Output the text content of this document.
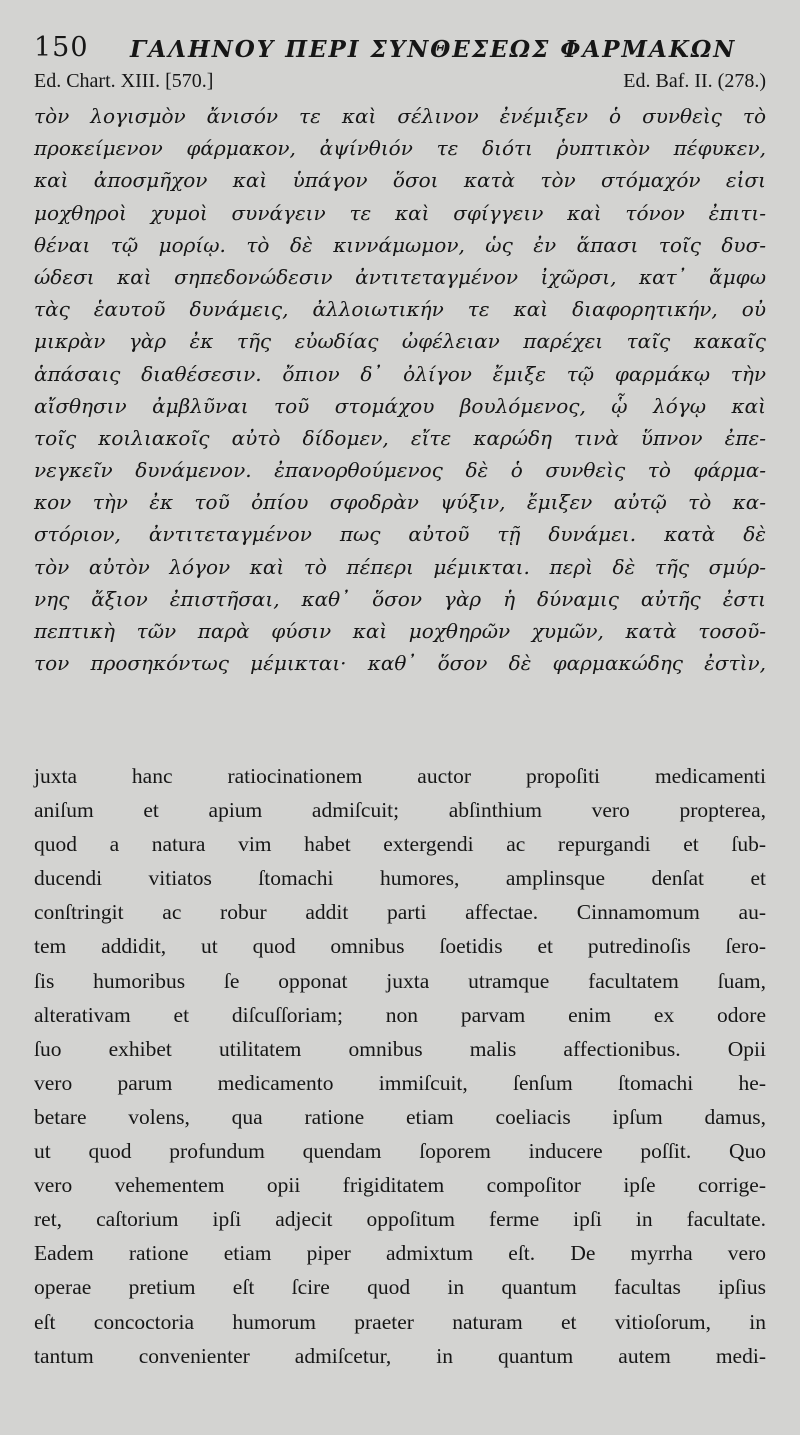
150 ΓΑΛΗΝΟΥ ΠΕΡΙ ΣΥΝΘΕΣΕΩΣ ΦΑΡΜΑΚΩΝ
Ed. Chart. XIII. [570.]	Ed. Baf. II. (278.)
τὸν λογισμὸν ἄνισόν τε καὶ σέλινον ἐνέμιξεν ὁ συνθεὶς τὸ
προκείμενον φάρμακον, ἀψίνθιόν τε διότι ῥυπτικὸν πέφυκεν,
καὶ ἀποσμῆχον καὶ ὑπάγον ὅσοι κατὰ τὸν στόμαχόν εἰσι
μοχθηροὶ χυμοὶ συνάγειν τε καὶ σφίγγειν καὶ τόνον ἐπιτι-
θέναι τῷ μορίῳ. τὸ δὲ κιννάμωμον, ὡς ἐν ἅπασι τοῖς δυσ-
ώδεσι καὶ σηπεδονώδεσιν ἀντιτεταγμένον ἰχῶρσι, κατ᾽ ἄμφω
τὰς ἑαυτοῦ δυνάμεις, ἀλλοιωτικήν τε καὶ διαφορητικήν, οὐ
μικρὰν γὰρ ἐκ τῆς εὐωδίας ὠφέλειαν παρέχει ταῖς κακαῖς
ἁπάσαις διαθέσεσιν. ὄπιον δ᾽ ὀλίγον ἔμιξε τῷ φαρμάκῳ τὴν
αἴσθησιν ἀμβλῦναι τοῦ στομάχου βουλόμενος, ᾧ λόγῳ καὶ
τοῖς κοιλιακοῖς αὐτὸ δίδομεν, εἴτε καρώδη τινὰ ὕπνον ἐπε-
νεγκεῖν δυνάμενον. ἐπανορθούμενος δὲ ὁ συνθεὶς τὸ φάρμα-
κον τὴν ἐκ τοῦ ὀπίου σφοδρὰν ψύξιν, ἔμιξεν αὐτῷ τὸ κα-
στόριον, ἀντιτεταγμένον πως αὐτοῦ τῇ δυνάμει. κατὰ δὲ
τὸν αὐτὸν λόγον καὶ τὸ πέπερι μέμικται. περὶ δὲ τῆς σμύρ-
νης ἄξιον ἐπιστῆσαι, καθ᾽ ὅσον γὰρ ἡ δύναμις αὐτῆς ἐστι
πεπτικὴ τῶν παρὰ φύσιν καὶ μοχθηρῶν χυμῶν, κατὰ τοσοῦ-
τον προσηκόντως μέμικται· καθ᾽ ὅσον δὲ φαρμακώδης ἐστὶν,
juxta hanc ratiocinationem auctor propoſiti medicamenti
aniſum et apium admiſcuit; abſinthium vero propterea,
quod a natura vim habet extergendi ac repurgandi et ſub-
ducendi vitiatos ſtomachi humores, amplinsque denſat et
conſtringit ac robur addit parti affectae. Cinnamomum au-
tem addidit, ut quod omnibus ſoetidis et putredinoſis ſero-
ſis humoribus ſe opponat juxta utramque facultatem ſuam,
alterativam et diſcuſſoriam; non parvam enim ex odore
ſuo exhibet utilitatem omnibus malis affectionibus. Opii
vero parum medicamento immiſcuit, ſenſum ſtomachi he-
betare volens, qua ratione etiam coeliacis ipſum damus,
ut quod profundum quendam ſoporem inducere poſſit. Quo
vero vehementem opii frigiditatem compoſitor ipſe corrige-
ret, caſtorium ipſi adjecit oppoſitum ferme ipſi in facultate.
Eadem ratione etiam piper admixtum eſt. De myrrha vero
operae pretium eſt ſcire quod in quantum facultas ipſius
eſt concoctoria humorum praeter naturam et vitioſorum, in
tantum convenienter admiſcetur, in quantum autem medi-
